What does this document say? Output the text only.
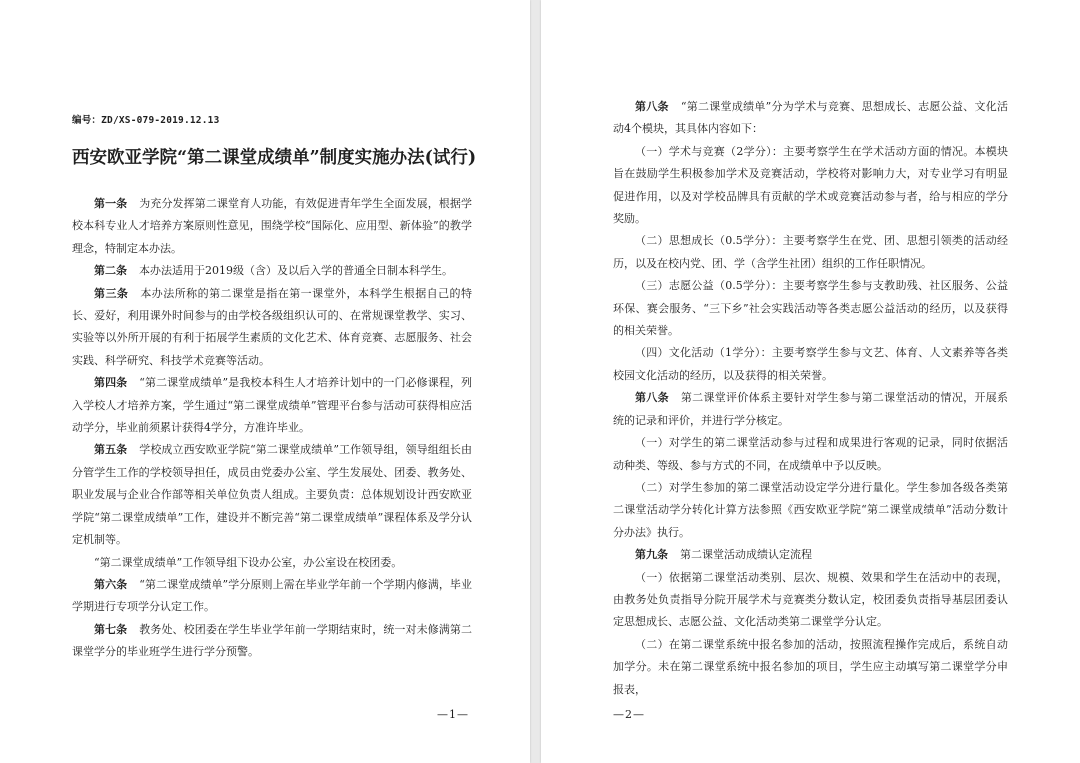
编号：ZD/XS-079-2019.12.13
西安欧亚学院“第二课堂成绩单”制度实施办法(试行)

第一条 为充分发挥第二课堂育人功能，有效促进青年学生全面发展，根据学校本科专业人才培养方案原则性意见，围绕学校“国际化、应用型、新体验”的教学理念，特制定本办法。

第二条 本办法适用于2019级（含）及以后入学的普通全日制本科学生。

第三条 本办法所称的第二课堂是指在第一课堂外，本科学生根据自己的特长、爱好，利用课外时间参与的由学校各级组织认可的、在常规课堂教学、实习、实验等以外所开展的有利于拓展学生素质的文化艺术、体育竞赛、志愿服务、社会实践、科学研究、科技学术竞赛等活动。

第四条 “第二课堂成绩单”是我校本科生人才培养计划中的一门必修课程，列入学校人才培养方案，学生通过“第二课堂成绩单”管理平台参与活动可获得相应活动学分，毕业前须累计获得4学分，方准许毕业。

第五条 学校成立西安欧亚学院“第二课堂成绩单”工作领导组，领导组组长由分管学生工作的学校领导担任，成员由党委办公室、学生发展处、团委、教务处、职业发展与企业合作部等相关单位负责人组成。主要负责：总体规划设计西安欧亚学院“第二课堂成绩单”工作，建设并不断完善“第二课堂成绩单”课程体系及学分认定机制等。

“第二课堂成绩单”工作领导组下设办公室，办公室设在校团委。

第六条 “第二课堂成绩单”学分原则上需在毕业学年前一个学期内修满，毕业学期进行专项学分认定工作。

第七条 教务处、校团委在学生毕业学年前一学期结束时，统一对未修满第二课堂学分的毕业班学生进行学分预警。

—1—

第八条 “第二课堂成绩单”分为学术与竞赛、思想成长、志愿公益、文化活动4个模块，其具体内容如下：

（一）学术与竞赛（2学分）：主要考察学生在学术活动方面的情况。本模块旨在鼓励学生积极参加学术及竞赛活动，学校将对影响力大，对专业学习有明显促进作用，以及对学校品牌具有贡献的学术或竞赛活动参与者，给与相应的学分奖励。

（二）思想成长（0.5学分）：主要考察学生在党、团、思想引领类的活动经历，以及在校内党、团、学（含学生社团）组织的工作任职情况。

（三）志愿公益（0.5学分）：主要考察学生参与支教助残、社区服务、公益环保、赛会服务、“三下乡”社会实践活动等各类志愿公益活动的经历，以及获得的相关荣誉。

（四）文化活动（1学分）：主要考察学生参与文艺、体育、人文素养等各类校园文化活动的经历，以及获得的相关荣誉。

第八条 第二课堂评价体系主要针对学生参与第二课堂活动的情况，开展系统的记录和评价，并进行学分核定。

（一）对学生的第二课堂活动参与过程和成果进行客观的记录，同时依据活动种类、等级、参与方式的不同，在成绩单中予以反映。

（二）对学生参加的第二课堂活动设定学分进行量化。学生参加各级各类第二课堂活动学分转化计算方法参照《西安欧亚学院“第二课堂成绩单”活动分数计分办法》执行。

第九条 第二课堂活动成绩认定流程

（一）依据第二课堂活动类别、层次、规模、效果和学生在活动中的表现，由教务处负责指导分院开展学术与竞赛类分数认定，校团委负责指导基层团委认定思想成长、志愿公益、文化活动类第二课堂学分认定。

（二）在第二课堂系统中报名参加的活动，按照流程操作完成后，系统自动加学分。未在第二课堂系统中报名参加的项目，学生应主动填写第二课堂学分申报表，

—2—
